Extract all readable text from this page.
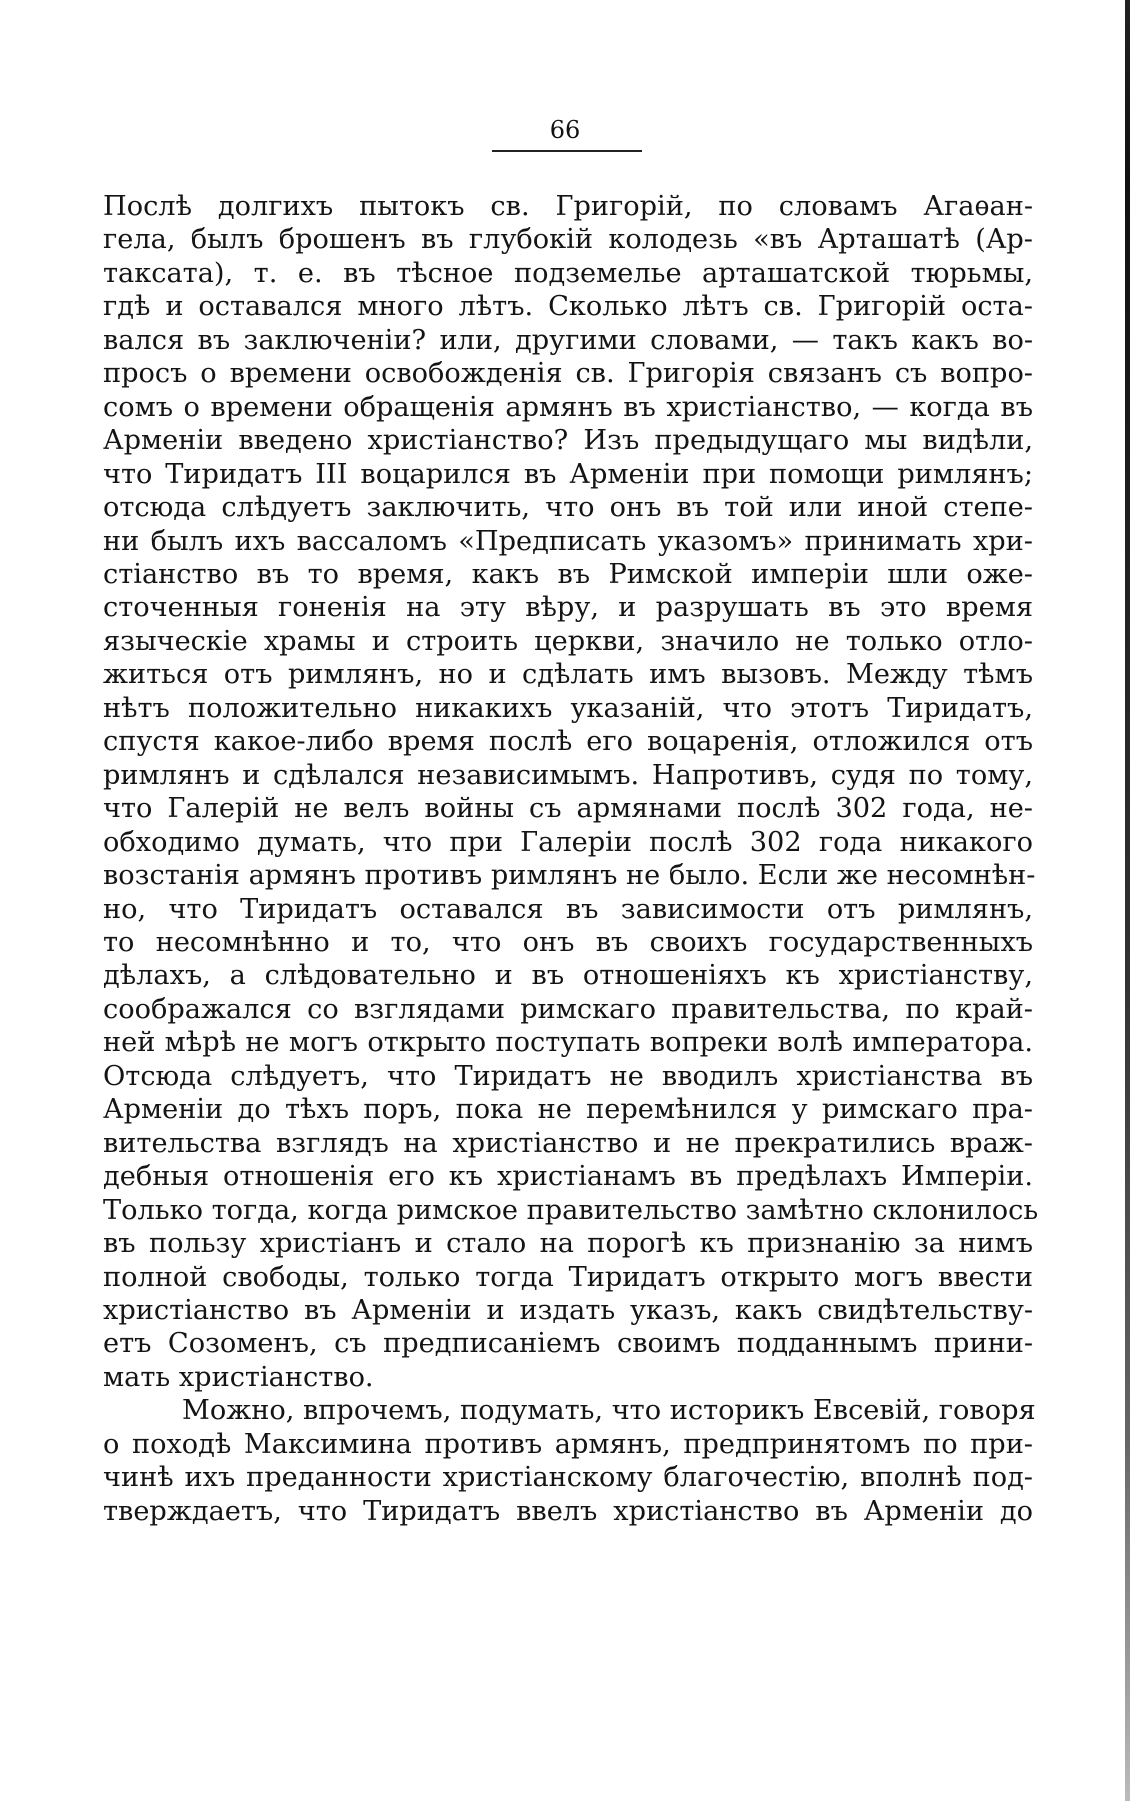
66
Послѣ долгихъ пытокъ св. Григорій, по словамъ Агаѳан-
гела, былъ брошенъ въ глубокій колодезь «въ Арташатѣ (Ар-
таксата), т. е. въ тѣсное подземелье арташатской тюрьмы,
гдѣ и оставался много лѣтъ. Сколько лѣтъ св. Григорій оста-
вался въ заключеніи? или, другими словами, — такъ какъ во-
просъ о времени освобожденія св. Григорія связанъ съ вопро-
сомъ о времени обращенія армянъ въ христіанство, — когда въ
Арменіи введено христіанство? Изъ предыдущаго мы видѣли,
что Тиридатъ III воцарился въ Арменіи при помощи римлянъ;
отсюда слѣдуетъ заключить, что онъ въ той или иной степе-
ни былъ ихъ вассаломъ «Предписать указомъ» принимать хри-
стіанство въ то время, какъ въ Римской имперіи шли ожe-
сточенныя гоненія на эту вѣру, и разрушать въ это время
языческіе храмы и строить церкви, значило не только отло-
житься отъ римлянъ, но и сдѣлать имъ вызовъ. Между тѣмъ
нѣтъ положительно никакихъ указаній, что этотъ Тиридатъ,
спустя какое-либо время послѣ его воцаренія, отложился отъ
римлянъ и сдѣлался независимымъ. Напротивъ, судя по тому,
что Галерій не велъ войны съ армянами послѣ 302 года, не-
обходимо думать, что при Галеріи послѣ 302 года никакого
возстанія армянъ противъ римлянъ не было. Если же несомнѣн-
но, что Тиридатъ оставался въ зависимости отъ римлянъ,
то несомнѣнно и то, что онъ въ своихъ государственныхъ
дѣлахъ, а слѣдовательно и въ отношеніяхъ къ христіанству,
соображался со взглядами римскаго правительства, по край-
ней мѣрѣ не могъ открыто поступать вопреки волѣ императора.
Отсюда слѣдуетъ, что Тиридатъ не вводилъ христіанства въ
Арменіи до тѣхъ поръ, пока не перемѣнился у римскаго пра-
вительства взглядъ на христіанство и не прекратились враж-
дебныя отношенія его къ христіанамъ въ предѣлахъ Имперіи.
Только тогда, когда римское правительство замѣтно склонилось
въ пользу христіанъ и стало на порогѣ къ признанію за нимъ
полной свободы, только тогда Тиридатъ открыто могъ ввести
христіанство въ Арменіи и издать указъ, какъ свидѣтельству-
етъ Созоменъ, съ предписаніемъ своимъ подданнымъ прини-
мать христіанство.
Можно, впрочемъ, подумать, что историкъ Евсевій, говоря
о походѣ Максимина противъ армянъ, предпринятомъ по при-
чинѣ ихъ преданности христіанскому благочестію, вполнѣ под-
тверждаетъ, что Тиридатъ ввелъ христіанство въ Арменіи до
